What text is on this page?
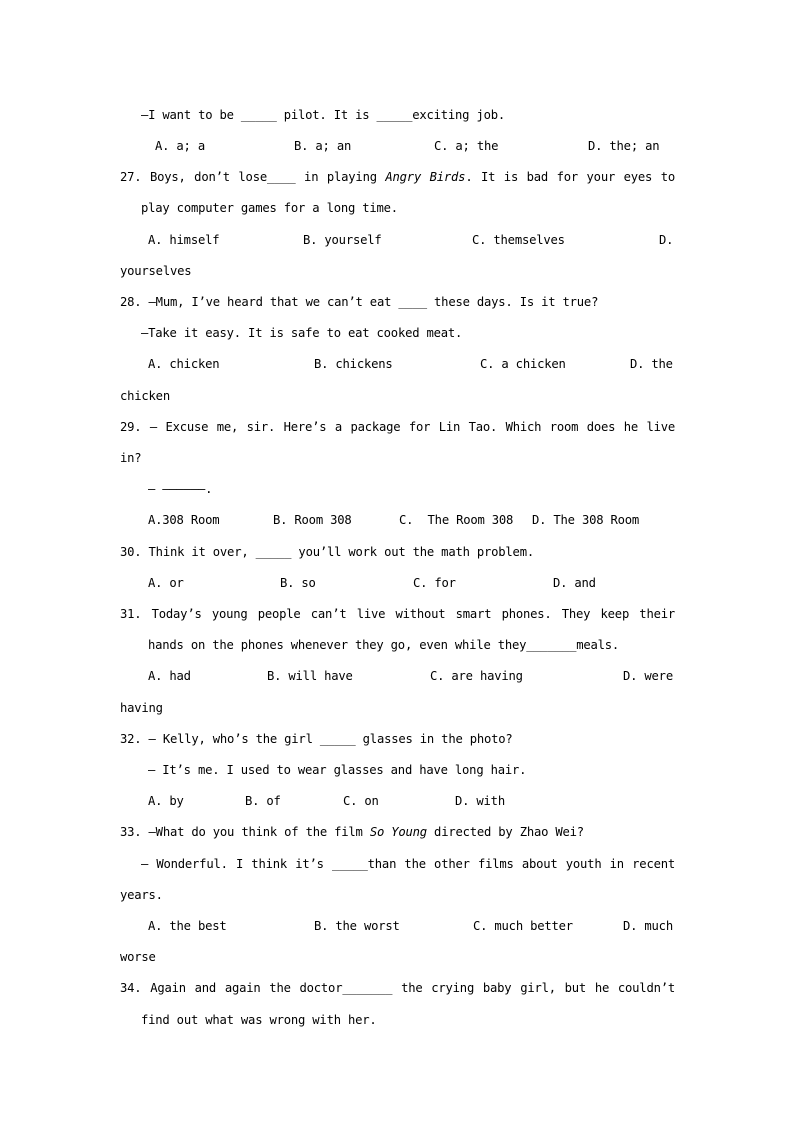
—I want to be _____ pilot. It is _____exciting job.
A. a; a	B. a; an	C. a; the	D. the; an
27. Boys, don’t lose____ in playing Angry Birds. It is bad for your eyes to
play computer games for a long time.
A. himself	B. yourself	C. themselves	D.
yourselves
28. —Mum, I’ve heard that we can’t eat ____ these days. Is it true?
—Take it easy. It is safe to eat cooked meat.
A. chicken	B. chickens	C. a chicken	D. the
chicken
29. — Excuse me, sir. Here’s a package for Lin Tao. Which room does he live
in?
— ——————.
A.308 Room	B. Room 308	C.  The Room 308 D. The 308 Room
30. Think it over, _____ you’ll work out the math problem.
A. or	B. so	C. for	D. and
31. Today’s young people can’t live without smart phones. They keep their
hands on the phones whenever they go, even while they_______meals.
A. had	B. will have	C. are having	D. were
having
32. — Kelly, who’s the girl _____ glasses in the photo?
— It’s me. I used to wear glasses and have long hair.
A. by	B. of	C. on	D. with
33. —What do you think of the film So Young directed by Zhao Wei?
— Wonderful. I think it’s _____than the other films about youth in recent
years.
A. the best	B. the worst	C. much better	D. much
worse
34. Again and again the doctor_______ the crying baby girl, but he couldn’t
find out what was wrong with her.
